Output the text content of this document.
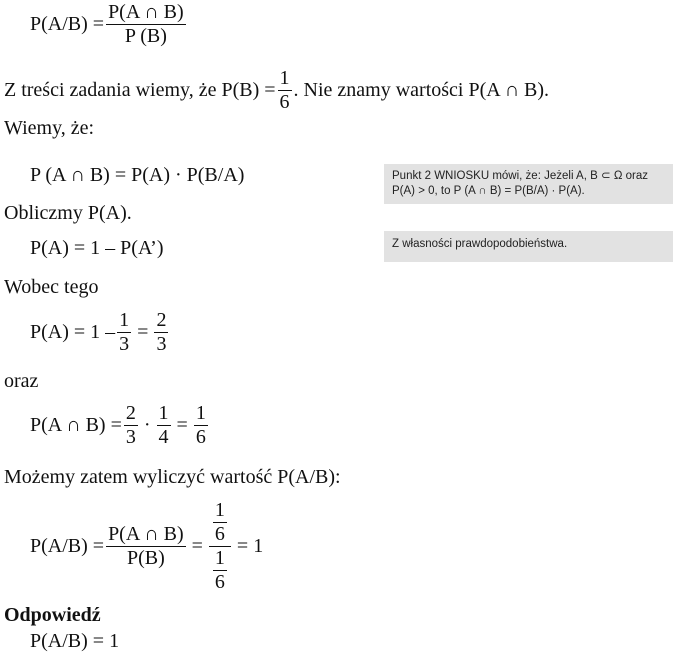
$P(A/B) = \frac{P(A \cap B)}{P (B)}$
Z treści zadania wiemy, że $P(B) = \frac{1}{6}$ . Nie znamy wartości P(A ∩ B).
Wiemy, że:
P (A ∩ B) = P(A) · P(B/A)
Obliczmy P(A).
P(A) = 1 – P(A’)
Wobec tego
$P(A) = 1 - \frac{1}{3} = \frac{2}{3}$
oraz
P(A ∩ $B) = \frac{2}{3} \cdot \frac{1}{4} = \frac{1}{6}$
Możemy zatem wyliczyć wartość P(A/B):
$P(A/B) = \frac{P(A \cap B)}{P(B)} = \frac{\frac{1}{6}}{\frac{1}{6}} = 1$
Odpowiedź
P(A/B) = 1
Punkt 2 WNIOSKU mówi, że: Jeżeli A, B ⊂ Ω oraz
P(A) > 0, to P (A ∩ B) = P(B/A) · P(A).
Z własności prawdopodobieństwa.
